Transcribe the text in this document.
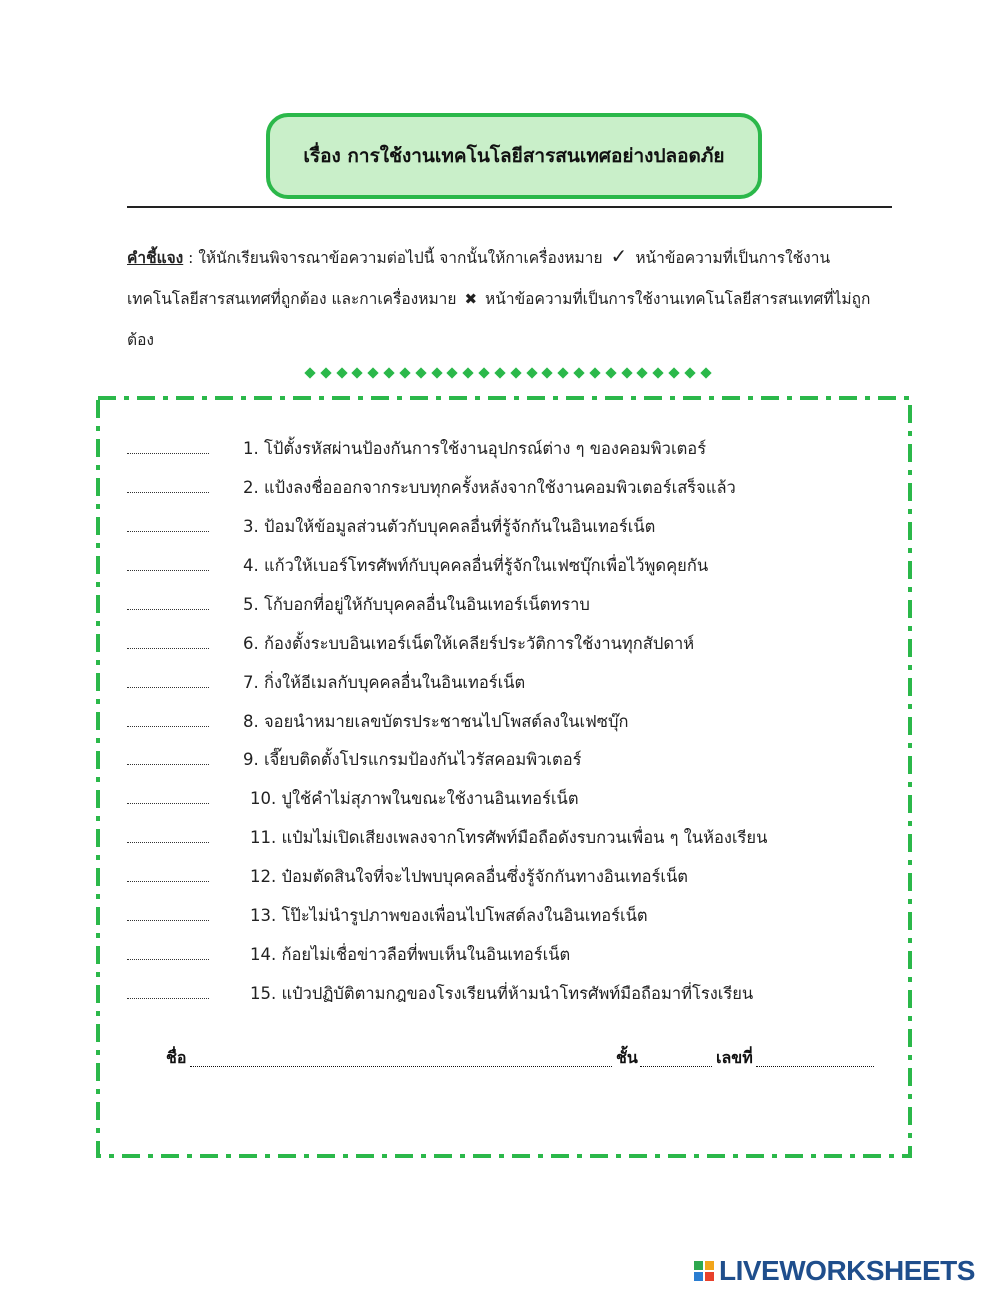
เรื่อง การใช้งานเทคโนโลยีสารสนเทศอย่างปลอดภัย
คำชี้แจง : ให้นักเรียนพิจารณาข้อความต่อไปนี้ จากนั้นให้กาเครื่องหมาย ✓ หน้าข้อความที่เป็นการใช้งานเทคโนโลยีสารสนเทศที่ถูกต้อง และกาเครื่องหมาย ✖ หน้าข้อความที่เป็นการใช้งานเทคโนโลยีสารสนเทศที่ไม่ถูกต้อง
1. โป้ตั้งรหัสผ่านป้องกันการใช้งานอุปกรณ์ต่าง ๆ ของคอมพิวเตอร์
2. แป้งลงชื่อออกจากระบบทุกครั้งหลังจากใช้งานคอมพิวเตอร์เสร็จแล้ว
3. ป้อมให้ข้อมูลส่วนตัวกับบุคคลอื่นที่รู้จักกันในอินเทอร์เน็ต
4. แก้วให้เบอร์โทรศัพท์กับบุคคลอื่นที่รู้จักในเฟซบุ๊กเพื่อไว้พูดคุยกัน
5. โก้บอกที่อยู่ให้กับบุคคลอื่นในอินเทอร์เน็ตทราบ
6. ก้องตั้งระบบอินเทอร์เน็ตให้เคลียร์ประวัติการใช้งานทุกสัปดาห์
7. กิ่งให้อีเมลกับบุคคลอื่นในอินเทอร์เน็ต
8. จอยนำหมายเลขบัตรประชาชนไปโพสต์ลงในเฟซบุ๊ก
9. เจี๊ยบติดตั้งโปรแกรมป้องกันไวรัสคอมพิวเตอร์
10. ปูใช้คำไม่สุภาพในขณะใช้งานอินเทอร์เน็ต
11. แป๋มไม่เปิดเสียงเพลงจากโทรศัพท์มือถือดังรบกวนเพื่อน ๆ ในห้องเรียน
12. ป๋อมตัดสินใจที่จะไปพบบุคคลอื่นซึ่งรู้จักกันทางอินเทอร์เน็ต
13. โป๊ะไม่นำรูปภาพของเพื่อนไปโพสต์ลงในอินเทอร์เน็ต
14. ก้อยไม่เชื่อข่าวลือที่พบเห็นในอินเทอร์เน็ต
15. แป๋วปฏิบัติตามกฎของโรงเรียนที่ห้ามนำโทรศัพท์มือถือมาที่โรงเรียน
ชื่อ	ชั้น	เลขที่
LIVEWORKSHEETS
